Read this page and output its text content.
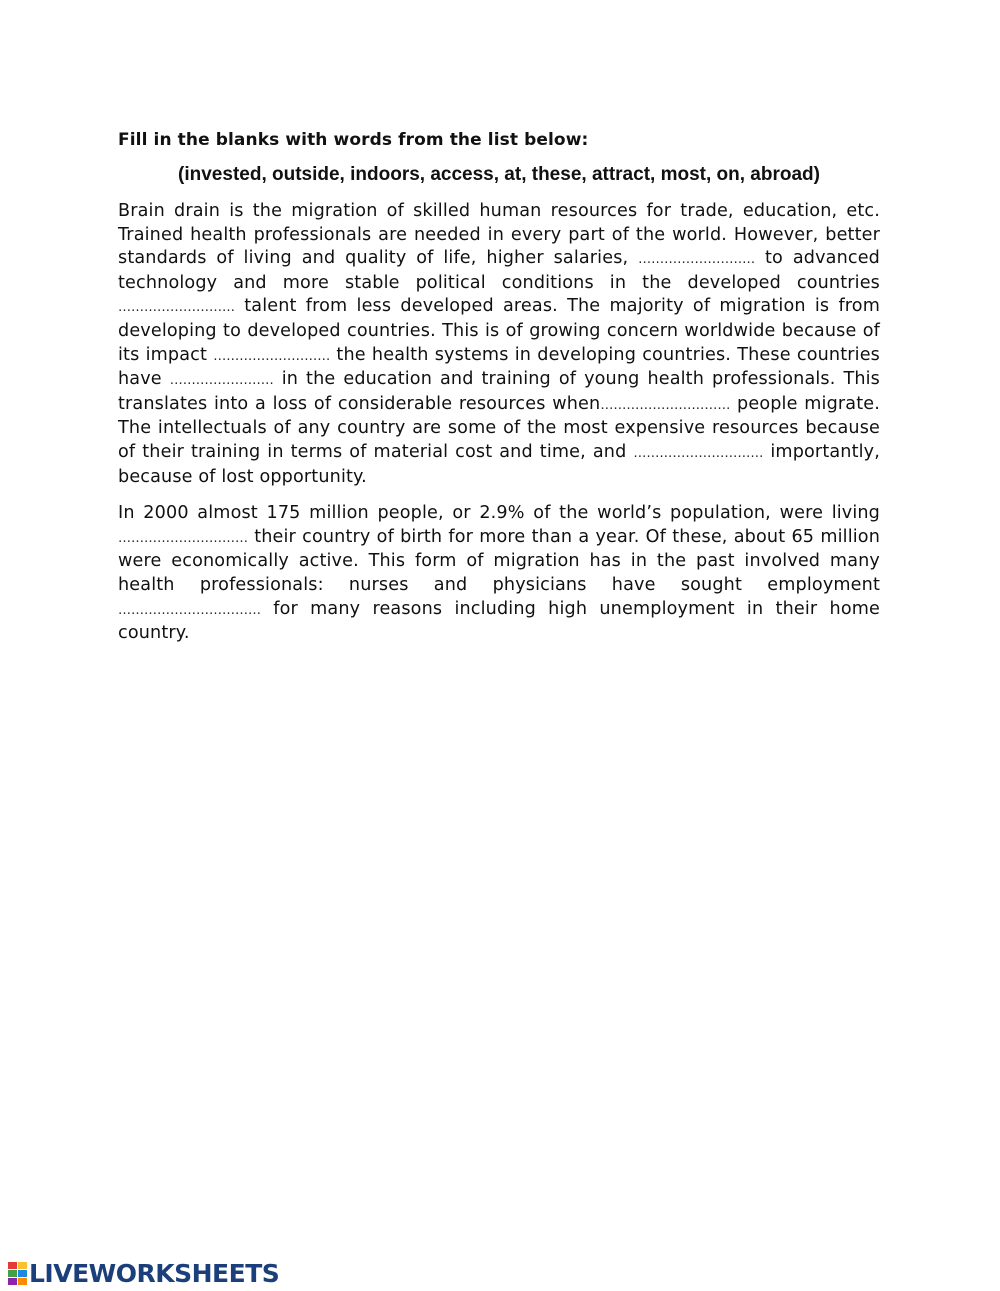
Fill in the blanks with words from the list below:
(invested, outside, indoors, access, at, these, attract, most, on, abroad)

Brain drain is the migration of skilled human resources for trade, education, etc. Trained health professionals are needed in every part of the world. However, better standards of living and quality of life, higher salaries, ……………………… to advanced technology and more stable political conditions in the developed countries ……………………… talent from less developed areas. The majority of migration is from developing to developed countries. This is of growing concern worldwide because of its impact ……………………… the health systems in developing countries. These countries have …………………… in the education and training of young health professionals. This translates into a loss of considerable resources when………………………… people migrate. The intellectuals of any country are some of the most expensive resources because of their training in terms of material cost and time, and ………………………… importantly, because of lost opportunity.

In 2000 almost 175 million people, or 2.9% of the world’s population, were living ………………………… their country of birth for more than a year. Of these, about 65 million were economically active. This form of migration has in the past involved many health professionals: nurses and physicians have sought employment …………………………… for many reasons including high unemployment in their home country.

LIVEWORKSHEETS
